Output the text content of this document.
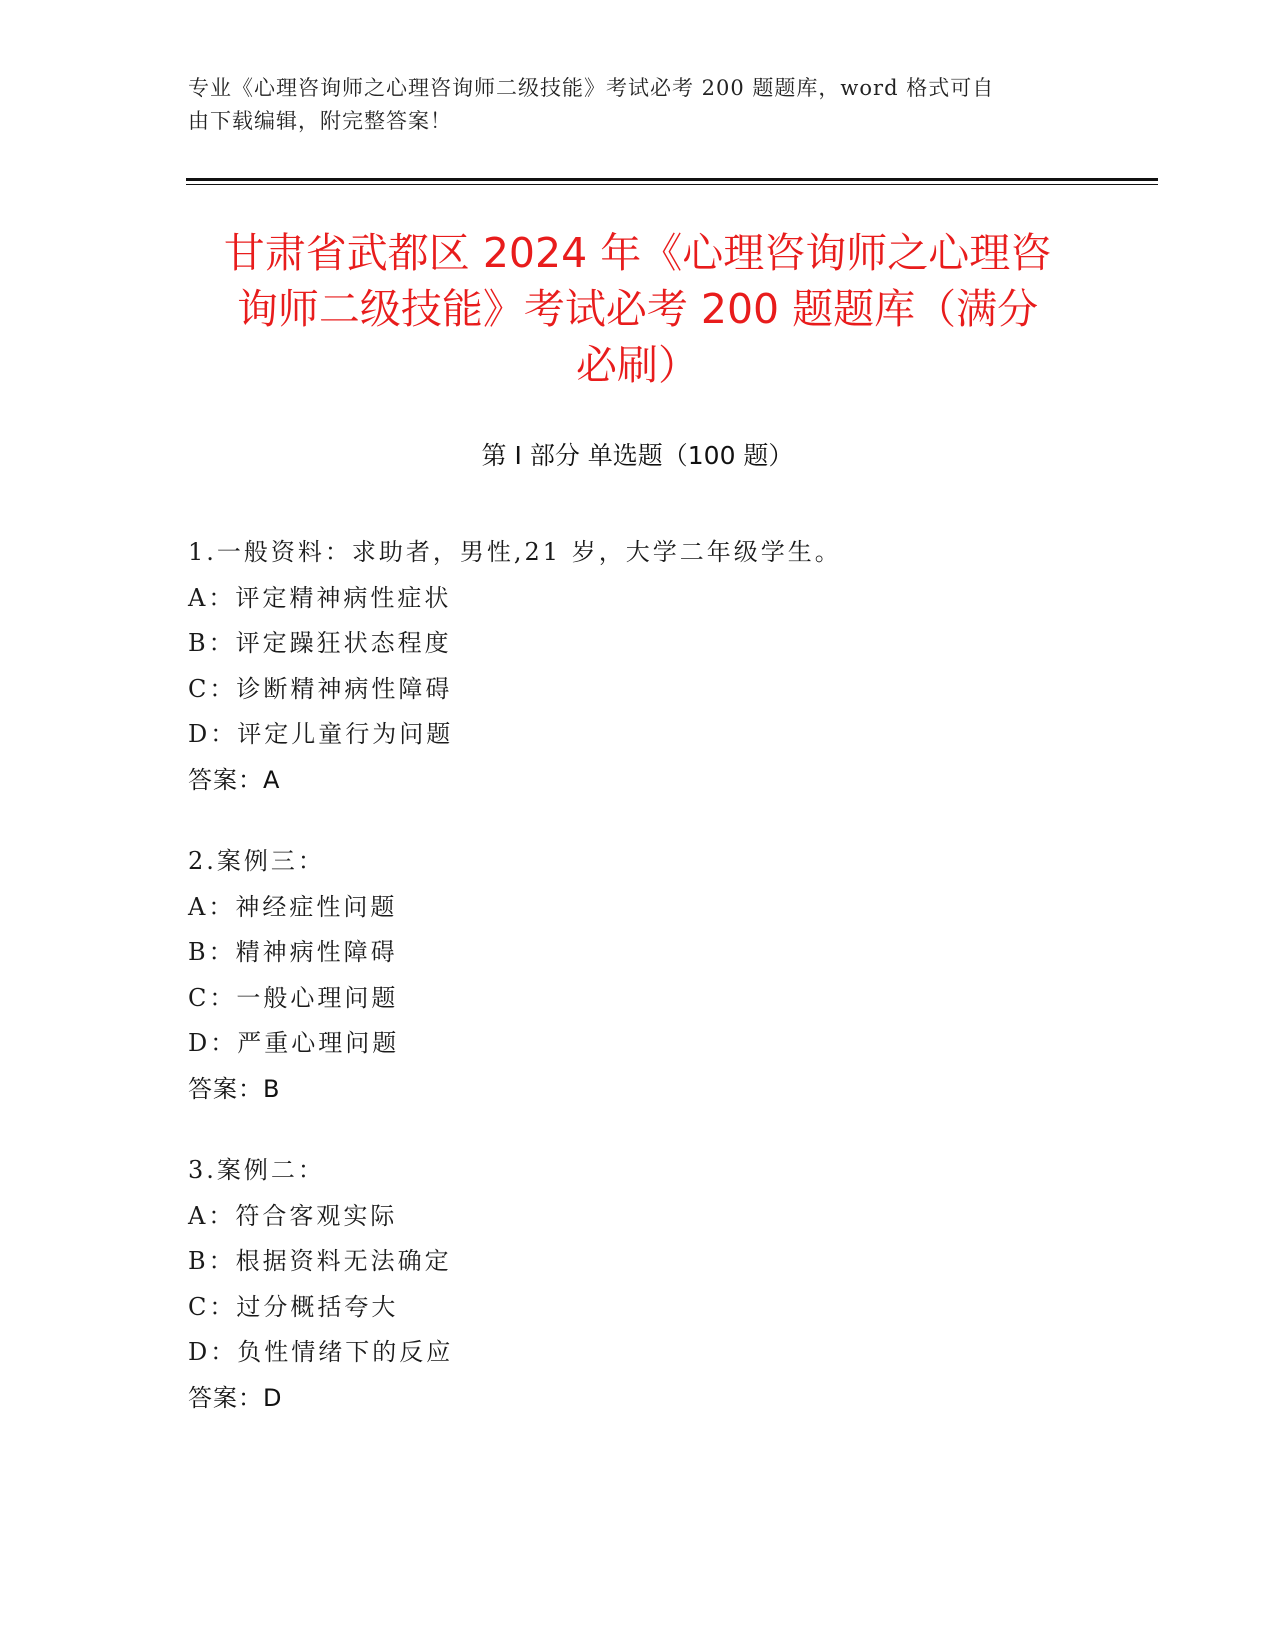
专业《心理咨询师之心理咨询师二级技能》考试必考 200 题题库，word 格式可自
由下载编辑，附完整答案！
甘肃省武都区 2024 年《心理咨询师之心理咨
询师二级技能》考试必考 200 题题库（满分
必刷）
第 I 部分 单选题（100 题）
1.一般资料：求助者，男性,21 岁，大学二年级学生。
A：评定精神病性症状
B：评定躁狂状态程度
C：诊断精神病性障碍
D：评定儿童行为问题
答案：A
2.案例三：
A：神经症性问题
B：精神病性障碍
C：一般心理问题
D：严重心理问题
答案：B
3.案例二：
A：符合客观实际
B：根据资料无法确定
C：过分概括夸大
D：负性情绪下的反应
答案：D
